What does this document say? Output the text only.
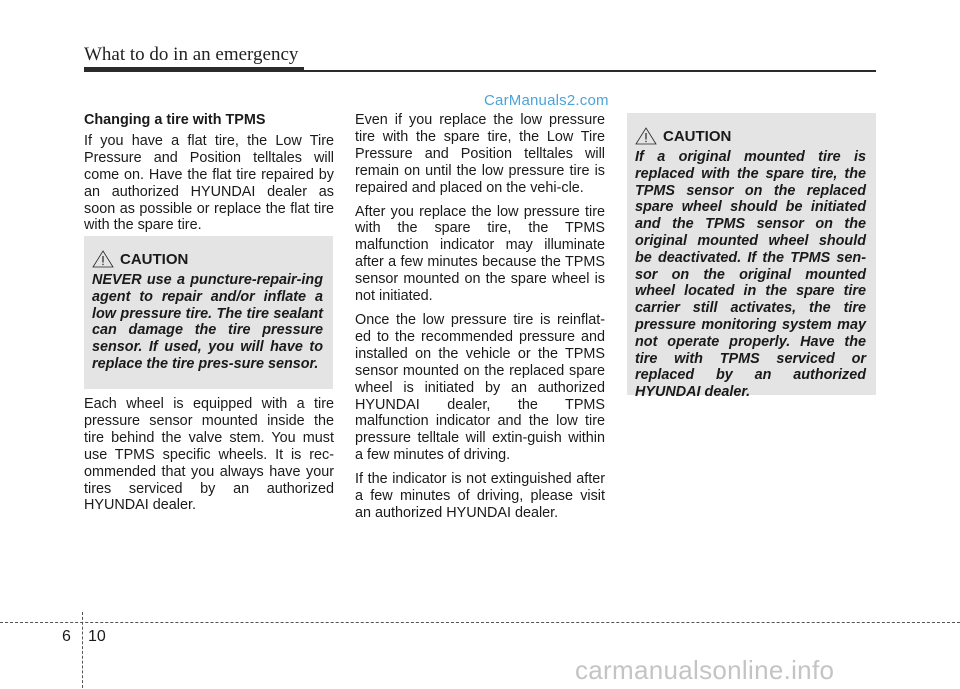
What to do in an emergency
CarManuals2.com
Changing a tire with TPMS

If you have a flat tire, the Low Tire Pressure and Position telltales will come on. Have the flat tire repaired by an authorized HYUNDAI dealer as soon as possible or replace the flat tire with the spare tire.

CAUTION
NEVER use a puncture-repair-ing agent to repair and/or inflate a low pressure tire. The tire sealant can damage the tire pressure sensor. If used, you will have to replace the tire pres-sure sensor.

Each wheel is equipped with a tire pressure sensor mounted inside the tire behind the valve stem. You must use TPMS specific wheels. It is rec-ommended that you always have your tires serviced by an authorized HYUNDAI dealer.

Even if you replace the low pressure tire with the spare tire, the Low Tire Pressure and Position telltales will remain on until the low pressure tire is repaired and placed on the vehi-cle.

After you replace the low pressure tire with the spare tire, the TPMS malfunction indicator may illuminate after a few minutes because the TPMS sensor mounted on the spare wheel is not initiated.

Once the low pressure tire is reinflat-ed to the recommended pressure and installed on the vehicle or the TPMS sensor mounted on the replaced spare wheel is initiated by an authorized HYUNDAI dealer, the TPMS malfunction indicator and the low tire pressure telltale will extin-guish within a few minutes of driving.

If the indicator is not extinguished after a few minutes of driving, please visit an authorized HYUNDAI dealer.

CAUTION
If a original mounted tire is replaced with the spare tire, the TPMS sensor on the replaced spare wheel should be initiated and the TPMS sensor on the original mounted wheel should be deactivated. If the TPMS sen-sor on the original mounted wheel located in the spare tire carrier still activates, the tire pressure monitoring system may not operate properly. Have the tire with TPMS serviced or replaced by an authorized HYUNDAI dealer.
6 10
carmanualsonline.info
